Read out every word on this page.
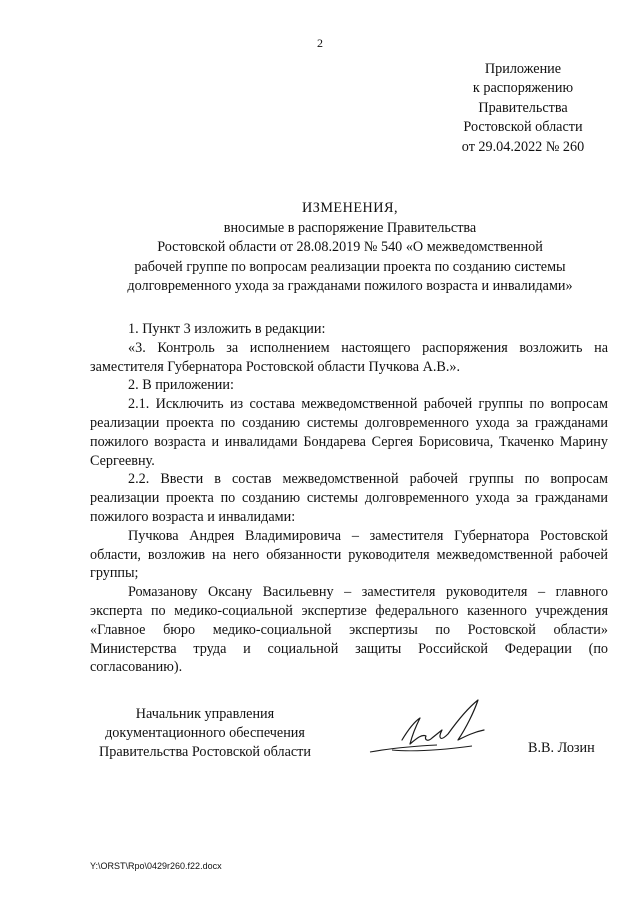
2
Приложение
к распоряжению
Правительства
Ростовской области
от 29.04.2022 № 260
ИЗМЕНЕНИЯ,
вносимые в распоряжение Правительства
Ростовской области от 28.08.2019 № 540 «О межведомственной
рабочей группе по вопросам реализации проекта по созданию системы
долговременного ухода за гражданами пожилого возраста и инвалидами»

1. Пункт 3 изложить в редакции:

«3. Контроль за исполнением настоящего распоряжения возложить на заместителя Губернатора Ростовской области Пучкова А.В.».

2. В приложении:

2.1. Исключить из состава межведомственной рабочей группы по вопросам реализации проекта по созданию системы долговременного ухода за гражданами пожилого возраста и инвалидами Бондарева Сергея Борисовича, Ткаченко Марину Сергеевну.

2.2. Ввести в состав межведомственной рабочей группы по вопросам реализации проекта по созданию системы долговременного ухода за гражданами пожилого возраста и инвалидами:

Пучкова Андрея Владимировича – заместителя Губернатора Ростовской области, возложив на него обязанности руководителя межведомственной рабочей группы;

Ромазанову Оксану Васильевну – заместителя руководителя – главного эксперта по медико-социальной экспертизе федерального казенного учреждения «Главное бюро медико-социальной экспертизы по Ростовской области» Министерства труда и социальной защиты Российской Федерации (по согласованию).

Начальник управления
документационного обеспечения
Правительства Ростовской области	В.В. Лозин
Y:\ORST\Rpo\0429r260.f22.docx
